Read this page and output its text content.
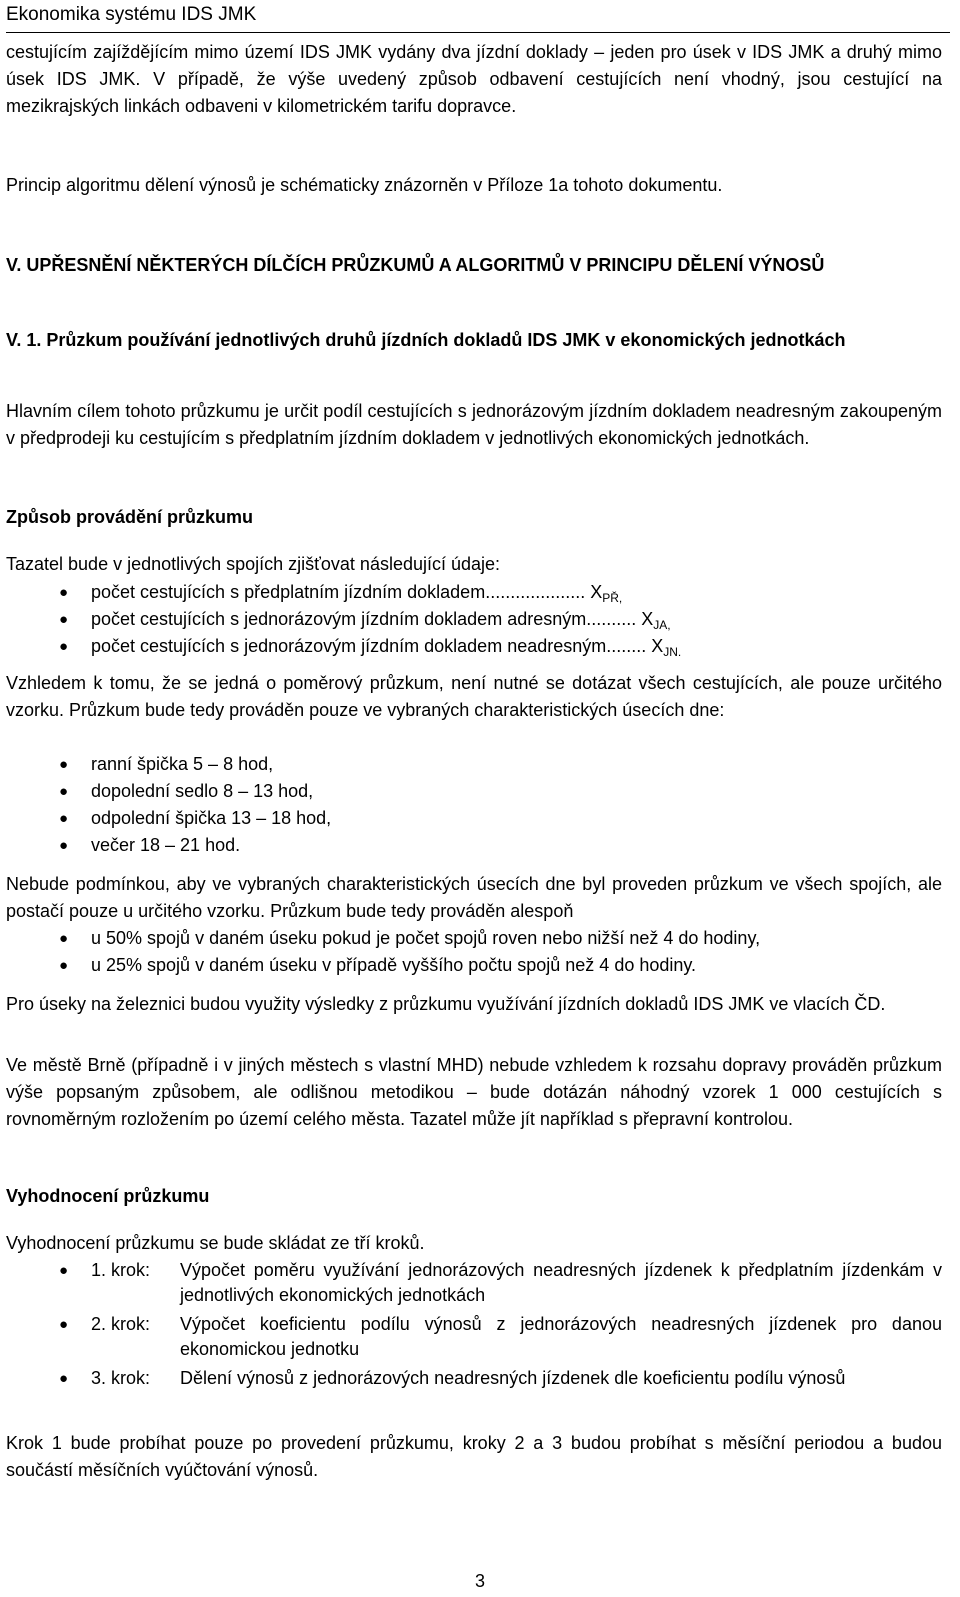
Ekonomika systému IDS JMK

cestujícím zajíždějícím mimo území IDS JMK vydány dva jízdní doklady – jeden pro úsek v IDS JMK a druhý mimo úsek IDS JMK. V případě, že výše uvedený způsob odbavení cestujících není vhodný, jsou cestující na mezikrajských linkách odbaveni v kilometrickém tarifu dopravce.

Princip algoritmu dělení výnosů je schématicky znázorněn v Příloze 1a tohoto dokumentu.

V. UPŘESNĚNÍ NĚKTERÝCH DÍLČÍCH PRŮZKUMŮ A ALGORITMŮ V PRINCIPU DĚLENÍ VÝNOSŮ

V. 1. Průzkum používání jednotlivých druhů jízdních dokladů IDS JMK v ekonomických jednotkách

Hlavním cílem tohoto průzkumu je určit podíl cestujících s jednorázovým jízdním dokladem neadresným zakoupeným v předprodeji ku cestujícím s předplatním jízdním dokladem v jednotlivých ekonomických jednotkách.

Způsob provádění průzkumu

Tazatel bude v jednotlivých spojích zjišťovat následující údaje:

● počet cestujících s předplatním jízdním dokladem.................... $X_{PŘ,}$
● počet cestujících s jednorázovým jízdním dokladem adresným.......... $X_{JA,}$
● počet cestujících s jednorázovým jízdním dokladem neadresným........ $X_{JN.}$

Vzhledem k tomu, že se jedná o poměrový průzkum, není nutné se dotázat všech cestujících, ale pouze určitého vzorku. Průzkum bude tedy prováděn pouze ve vybraných charakteristických úsecích dne:

● ranní špička 5 – 8 hod,
● dopolední sedlo 8 – 13 hod,
● odpolední špička 13 – 18 hod,
● večer 18 – 21 hod.

Nebude podmínkou, aby ve vybraných charakteristických úsecích dne byl proveden průzkum ve všech spojích, ale postačí pouze u určitého vzorku. Průzkum bude tedy prováděn alespoň

● u 50% spojů v daném úseku pokud je počet spojů roven nebo nižší než 4 do hodiny,
● u 25% spojů v daném úseku v případě vyššího počtu spojů než 4 do hodiny.

Pro úseky na železnici budou využity výsledky z průzkumu využívání jízdních dokladů IDS JMK ve vlacích ČD.

Ve městě Brně (případně i v jiných městech s vlastní MHD) nebude vzhledem k rozsahu dopravy prováděn průzkum výše popsaným způsobem, ale odlišnou metodikou – bude dotázán náhodný vzorek 1 000 cestujících s rovnoměrným rozložením po území celého města. Tazatel může jít například s přepravní kontrolou.

Vyhodnocení průzkumu

Vyhodnocení průzkumu se bude skládat ze tří kroků.

● 1. krok: Výpočet poměru využívání jednorázových neadresných jízdenek k předplatním jízdenkám v jednotlivých ekonomických jednotkách
● 2. krok: Výpočet koeficientu podílu výnosů z jednorázových neadresných jízdenek pro danou ekonomickou jednotku
● 3. krok: Dělení výnosů z jednorázových neadresných jízdenek dle koeficientu podílu výnosů

Krok 1 bude probíhat pouze po provedení průzkumu, kroky 2 a 3 budou probíhat s měsíční periodou a budou součástí měsíčních vyúčtování výnosů.

3
